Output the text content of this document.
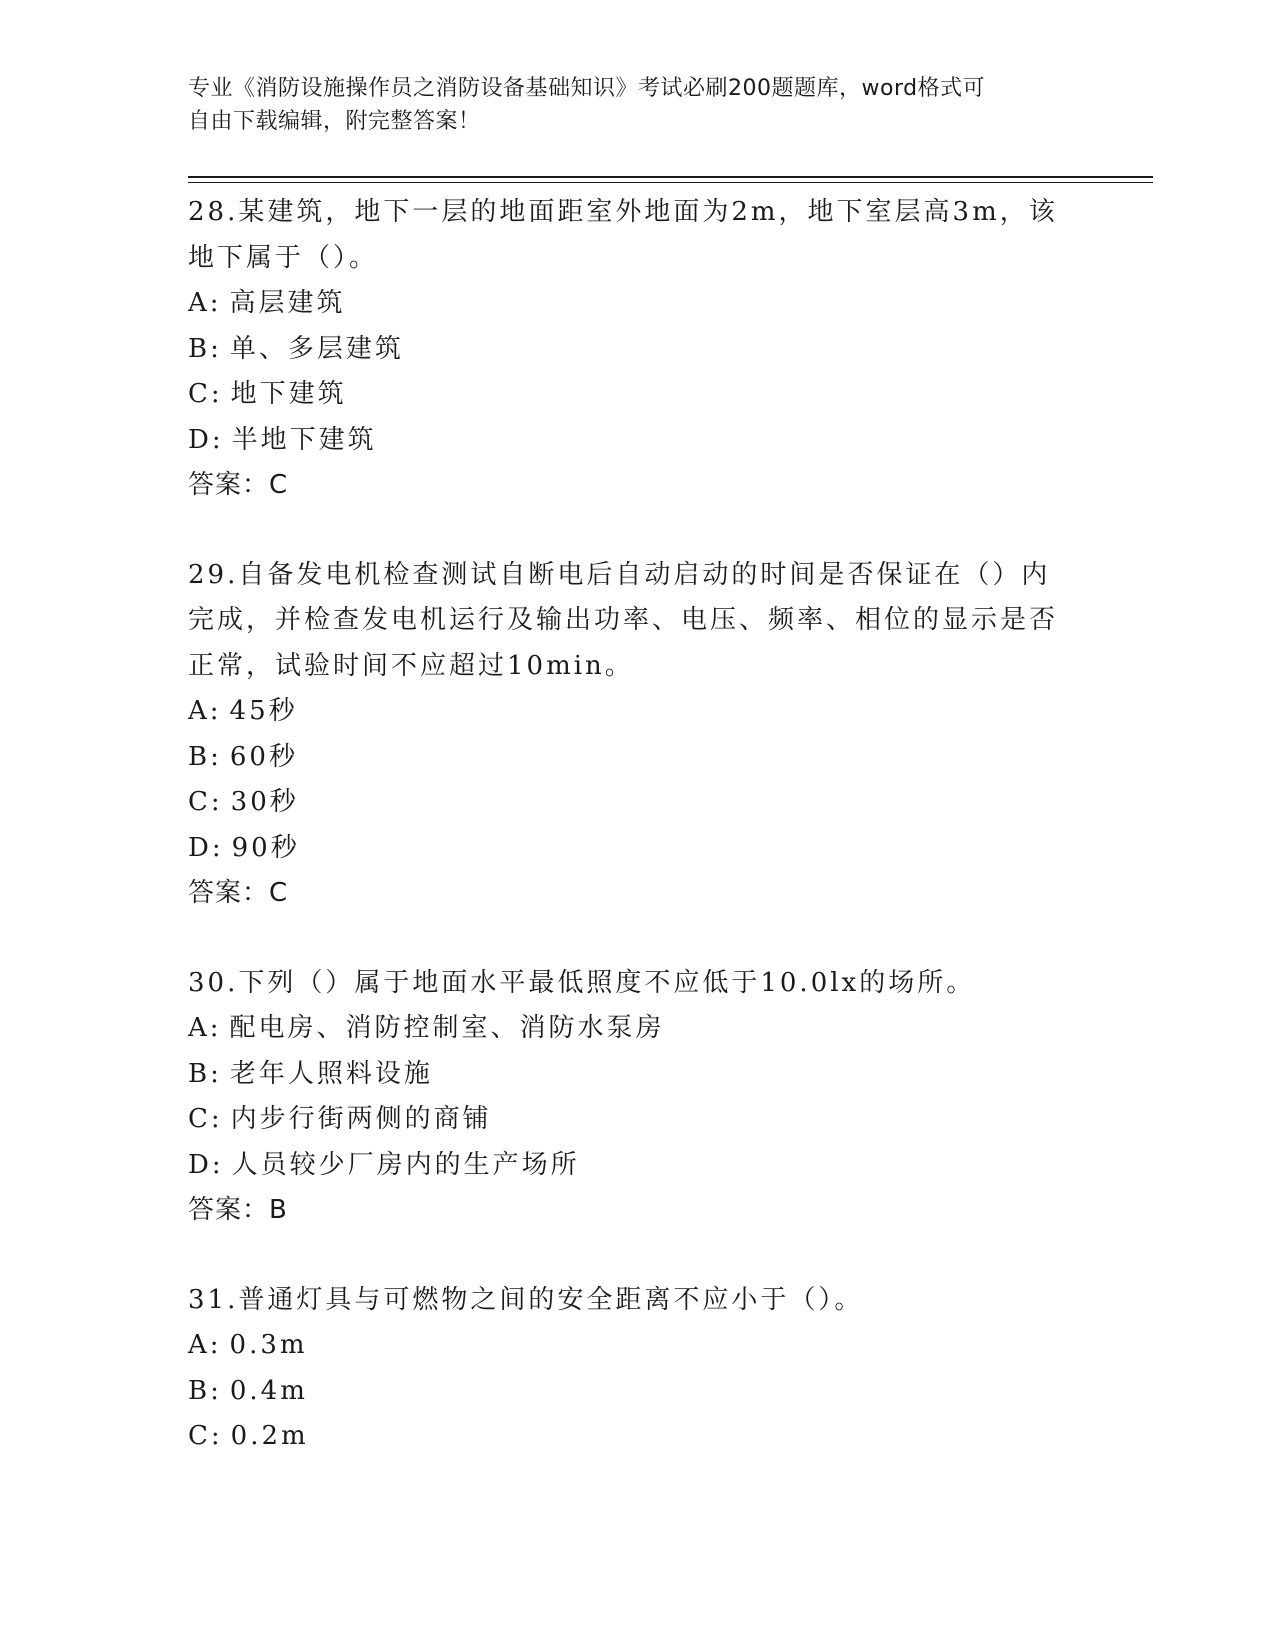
专业《消防设施操作员之消防设备基础知识》考试必刷200题题库，word格式可
自由下载编辑，附完整答案！
28.某建筑，地下一层的地面距室外地面为2m，地下室层高3m，该地下属于（）。
A: 高层建筑
B: 单、多层建筑
C: 地下建筑
D: 半地下建筑
答案：C
29.自备发电机检查测试自断电后自动启动的时间是否保证在（）内完成，并检查发电机运行及输出功率、电压、频率、相位的显示是否正常，试验时间不应超过10min。
A: 45秒
B: 60秒
C: 30秒
D: 90秒
答案：C
30.下列（）属于地面水平最低照度不应低于10.0lx的场所。
A: 配电房、消防控制室、消防水泵房
B: 老年人照料设施
C: 内步行街两侧的商铺
D: 人员较少厂房内的生产场所
答案：B
31.普通灯具与可燃物之间的安全距离不应小于（）。
A: 0.3m
B: 0.4m
C: 0.2m
